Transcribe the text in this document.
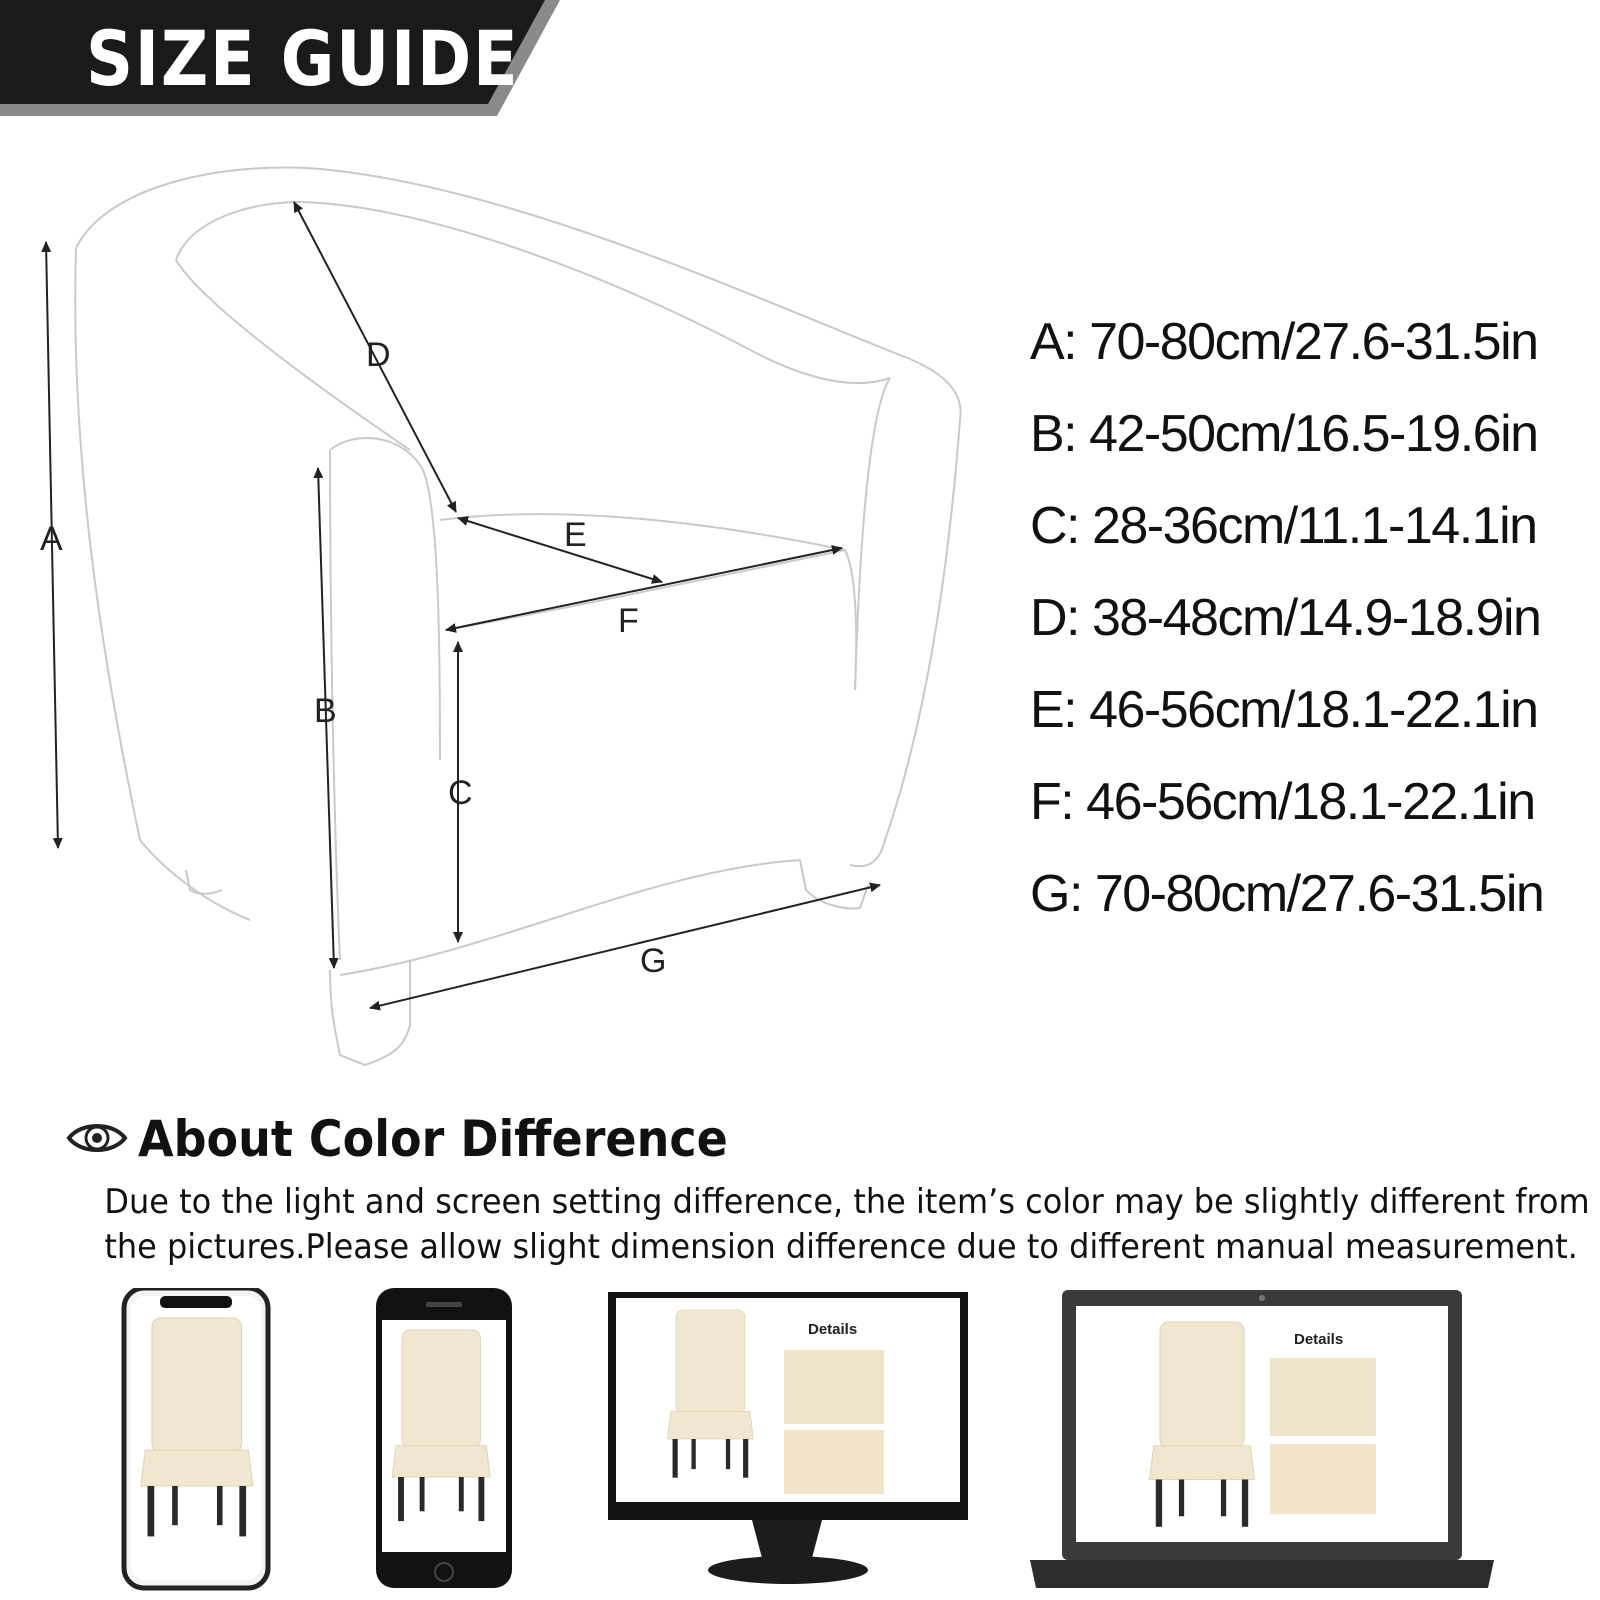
SIZE GUIDE
A
B
C
D
E
F
G
A: 70-80cm/27.6-31.5in
B: 42-50cm/16.5-19.6in
C: 28-36cm/11.1-14.1in
D: 38-48cm/14.9-18.9in
E: 46-56cm/18.1-22.1in
F: 46-56cm/18.1-22.1in
G: 70-80cm/27.6-31.5in
About Color Difference
Due to the light and screen setting difference, the item’s color may be slightly different from
the pictures.Please allow slight dimension difference due to different manual measurement.
Details
Details
